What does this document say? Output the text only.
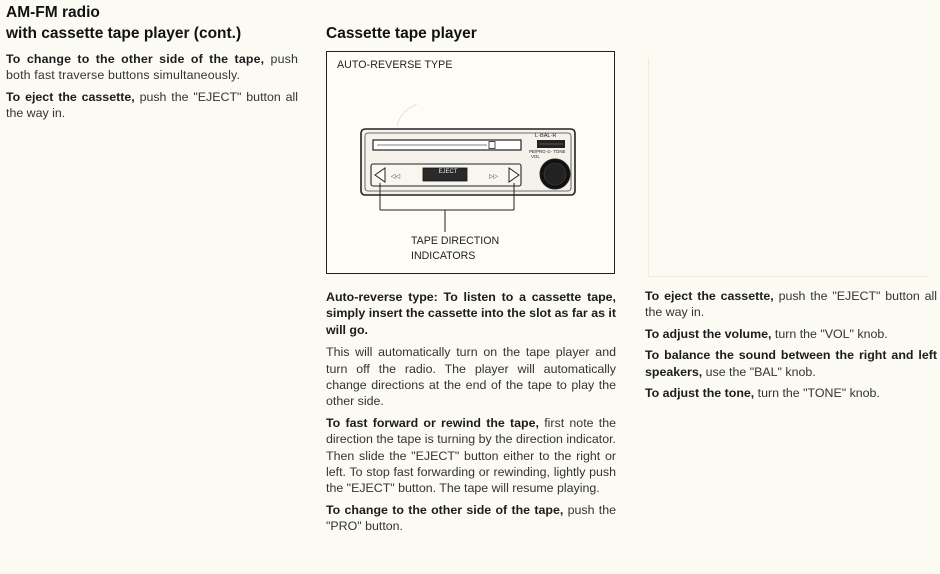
AM-FM radio
with cassette tape player (cont.)

To change to the other side of the tape, push both fast traverse buttons simultaneously.

To eject the cassette, push the "EJECT" button all the way in.

Cassette tape player
AUTO-REVERSE TYPE
◁◁	▷▷
EJECT
L·BAL·R
PB/PRO·⊙· TONE
VOL
TAPE DIRECTION
INDICATORS

Auto-reverse type: To listen to a cassette tape, simply insert the cassette into the slot as far as it will go.

This will automatically turn on the tape player and turn off the radio. The player will automatically change directions at the end of the tape to play the other side.

To fast forward or rewind the tape, first note the direction the tape is turning by the direction indicator. Then slide the "EJECT" button either to the right or left. To stop fast forwarding or rewinding, lightly push the "EJECT" button. The tape will resume playing.

To change to the other side of the tape, push the "PRO" button.

To eject the cassette, push the "EJECT" button all the way in.

To adjust the volume, turn the "VOL" knob.

To balance the sound between the right and left speakers, use the "BAL" knob.

To adjust the tone, turn the "TONE" knob.
